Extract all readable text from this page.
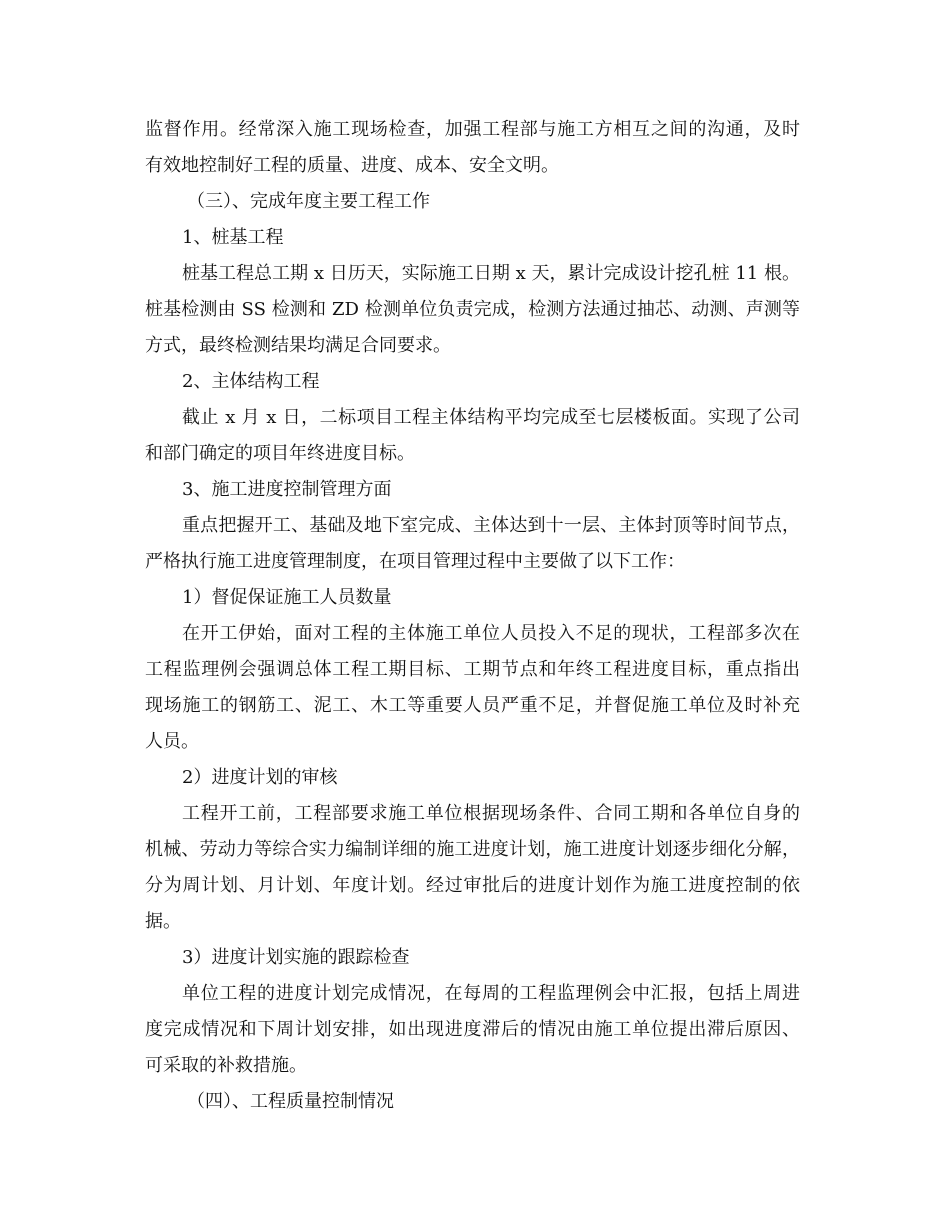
监督作用。经常深入施工现场检查，加强工程部与施工方相互之间的沟通，及时
有效地控制好工程的质量、进度、成本、安全文明。
（三）、完成年度主要工程工作
1、桩基工程
桩基工程总工期 x 日历天，实际施工日期 x 天，累计完成设计挖孔桩 11 根。
桩基检测由 SS 检测和 ZD 检测单位负责完成，检测方法通过抽芯、动测、声测等
方式，最终检测结果均满足合同要求。
2、主体结构工程
截止 x 月 x 日，二标项目工程主体结构平均完成至七层楼板面。实现了公司
和部门确定的项目年终进度目标。
3、施工进度控制管理方面
重点把握开工、基础及地下室完成、主体达到十一层、主体封顶等时间节点，
严格执行施工进度管理制度，在项目管理过程中主要做了以下工作：
1）督促保证施工人员数量
在开工伊始，面对工程的主体施工单位人员投入不足的现状，工程部多次在
工程监理例会强调总体工程工期目标、工期节点和年终工程进度目标，重点指出
现场施工的钢筋工、泥工、木工等重要人员严重不足，并督促施工单位及时补充
人员。
2）进度计划的审核
工程开工前，工程部要求施工单位根据现场条件、合同工期和各单位自身的
机械、劳动力等综合实力编制详细的施工进度计划，施工进度计划逐步细化分解，
分为周计划、月计划、年度计划。经过审批后的进度计划作为施工进度控制的依
据。
3）进度计划实施的跟踪检查
单位工程的进度计划完成情况，在每周的工程监理例会中汇报，包括上周进
度完成情况和下周计划安排，如出现进度滞后的情况由施工单位提出滞后原因、
可采取的补救措施。
（四）、工程质量控制情况
